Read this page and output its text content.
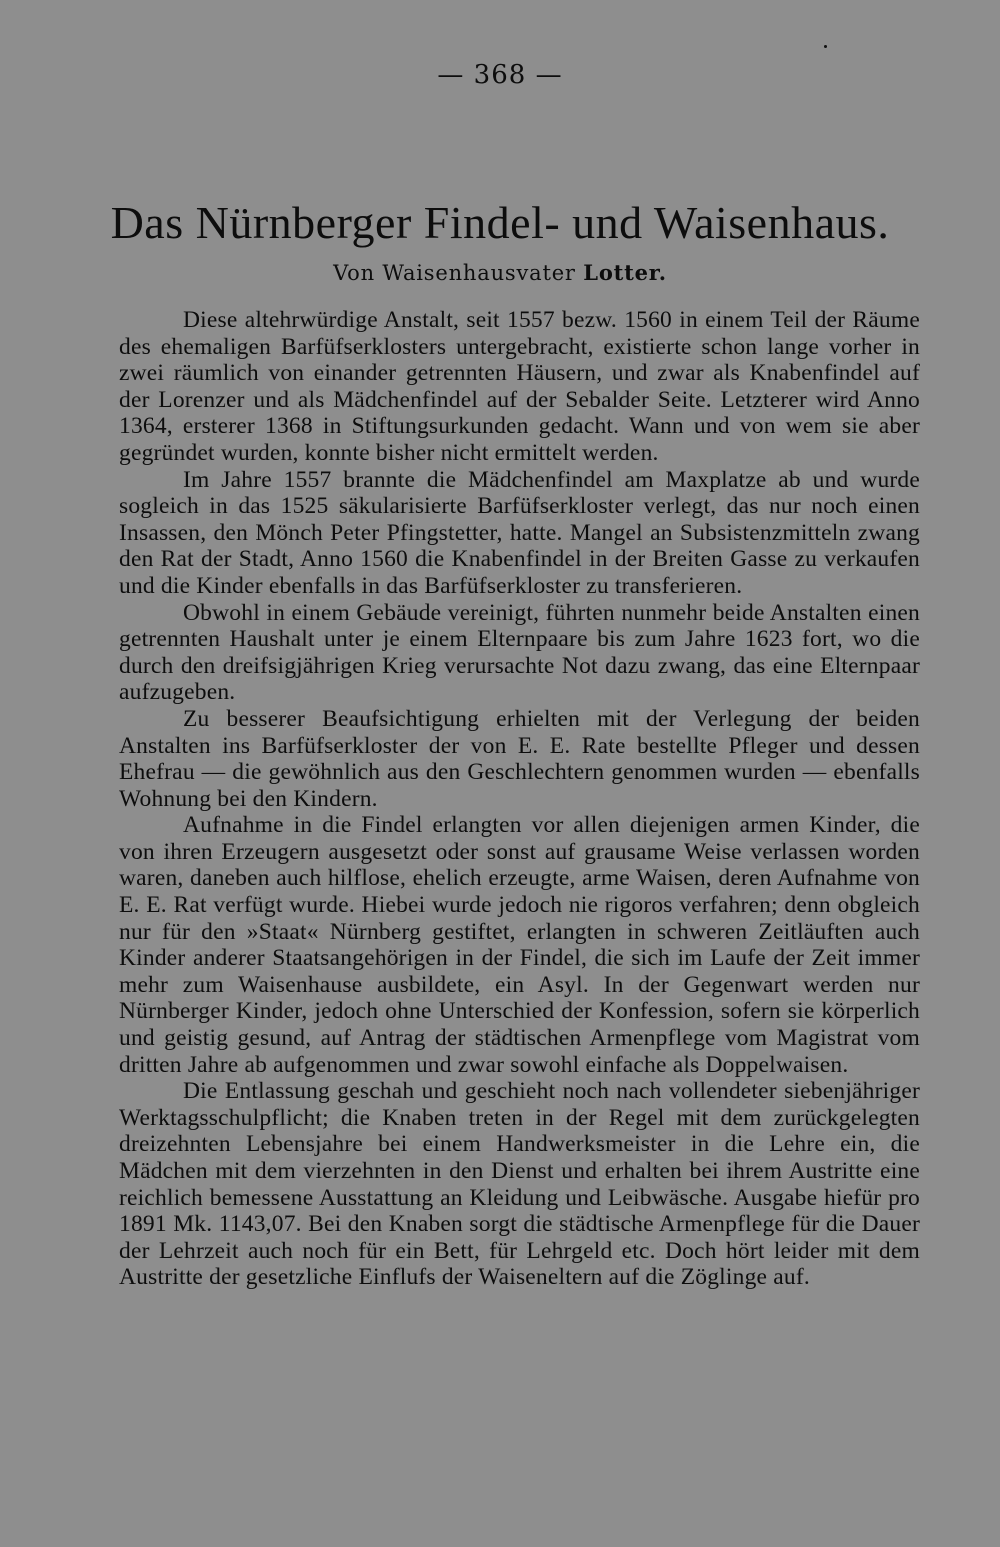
— 368 —
Das Nürnberger Findel- und Waisenhaus.
Von Waisenhausvater Lotter.

Diese altehrwürdige Anstalt, seit 1557 bezw. 1560 in einem Teil der Räume des ehemaligen Barfüfserklosters untergebracht, existierte schon lange vorher in zwei räumlich von einander getrennten Häusern, und zwar als Knabenfindel auf der Lorenzer und als Mädchenfindel auf der Sebalder Seite. Letzterer wird Anno 1364, ersterer 1368 in Stiftungsurkunden gedacht. Wann und von wem sie aber gegründet wurden, konnte bisher nicht ermittelt werden.

Im Jahre 1557 brannte die Mädchenfindel am Maxplatze ab und wurde sogleich in das 1525 säkularisierte Barfüfserkloster verlegt, das nur noch einen Insassen, den Mönch Peter Pfingstetter, hatte. Mangel an Subsistenzmitteln zwang den Rat der Stadt, Anno 1560 die Knabenfindel in der Breiten Gasse zu verkaufen und die Kinder ebenfalls in das Barfüfserkloster zu transferieren.

Obwohl in einem Gebäude vereinigt, führten nunmehr beide Anstalten einen getrennten Haushalt unter je einem Elternpaare bis zum Jahre 1623 fort, wo die durch den dreifsigjährigen Krieg verursachte Not dazu zwang, das eine Elternpaar aufzugeben.

Zu besserer Beaufsichtigung erhielten mit der Verlegung der beiden Anstalten ins Barfüfserkloster der von E. E. Rate bestellte Pfleger und dessen Ehefrau — die gewöhnlich aus den Geschlechtern genommen wurden — ebenfalls Wohnung bei den Kindern.

Aufnahme in die Findel erlangten vor allen diejenigen armen Kinder, die von ihren Erzeugern ausgesetzt oder sonst auf grausame Weise verlassen worden waren, daneben auch hilflose, ehelich erzeugte, arme Waisen, deren Aufnahme von E. E. Rat verfügt wurde. Hiebei wurde jedoch nie rigoros verfahren; denn obgleich nur für den »Staat« Nürnberg gestiftet, erlangten in schweren Zeitläuften auch Kinder anderer Staatsangehörigen in der Findel, die sich im Laufe der Zeit immer mehr zum Waisenhause ausbildete, ein Asyl. In der Gegenwart werden nur Nürnberger Kinder, jedoch ohne Unterschied der Konfession, sofern sie körperlich und geistig gesund, auf Antrag der städtischen Armenpflege vom Magistrat vom dritten Jahre ab aufgenommen und zwar sowohl einfache als Doppelwaisen.

Die Entlassung geschah und geschieht noch nach vollendeter siebenjähriger Werktagsschulpflicht; die Knaben treten in der Regel mit dem zurückgelegten dreizehnten Lebensjahre bei einem Handwerksmeister in die Lehre ein, die Mädchen mit dem vierzehnten in den Dienst und erhalten bei ihrem Austritte eine reichlich bemessene Ausstattung an Kleidung und Leibwäsche. Ausgabe hiefür pro 1891 Mk. 1143,07. Bei den Knaben sorgt die städtische Armenpflege für die Dauer der Lehrzeit auch noch für ein Bett, für Lehrgeld etc. Doch hört leider mit dem Austritte der gesetzliche Einflufs der Waiseneltern auf die Zöglinge auf.
